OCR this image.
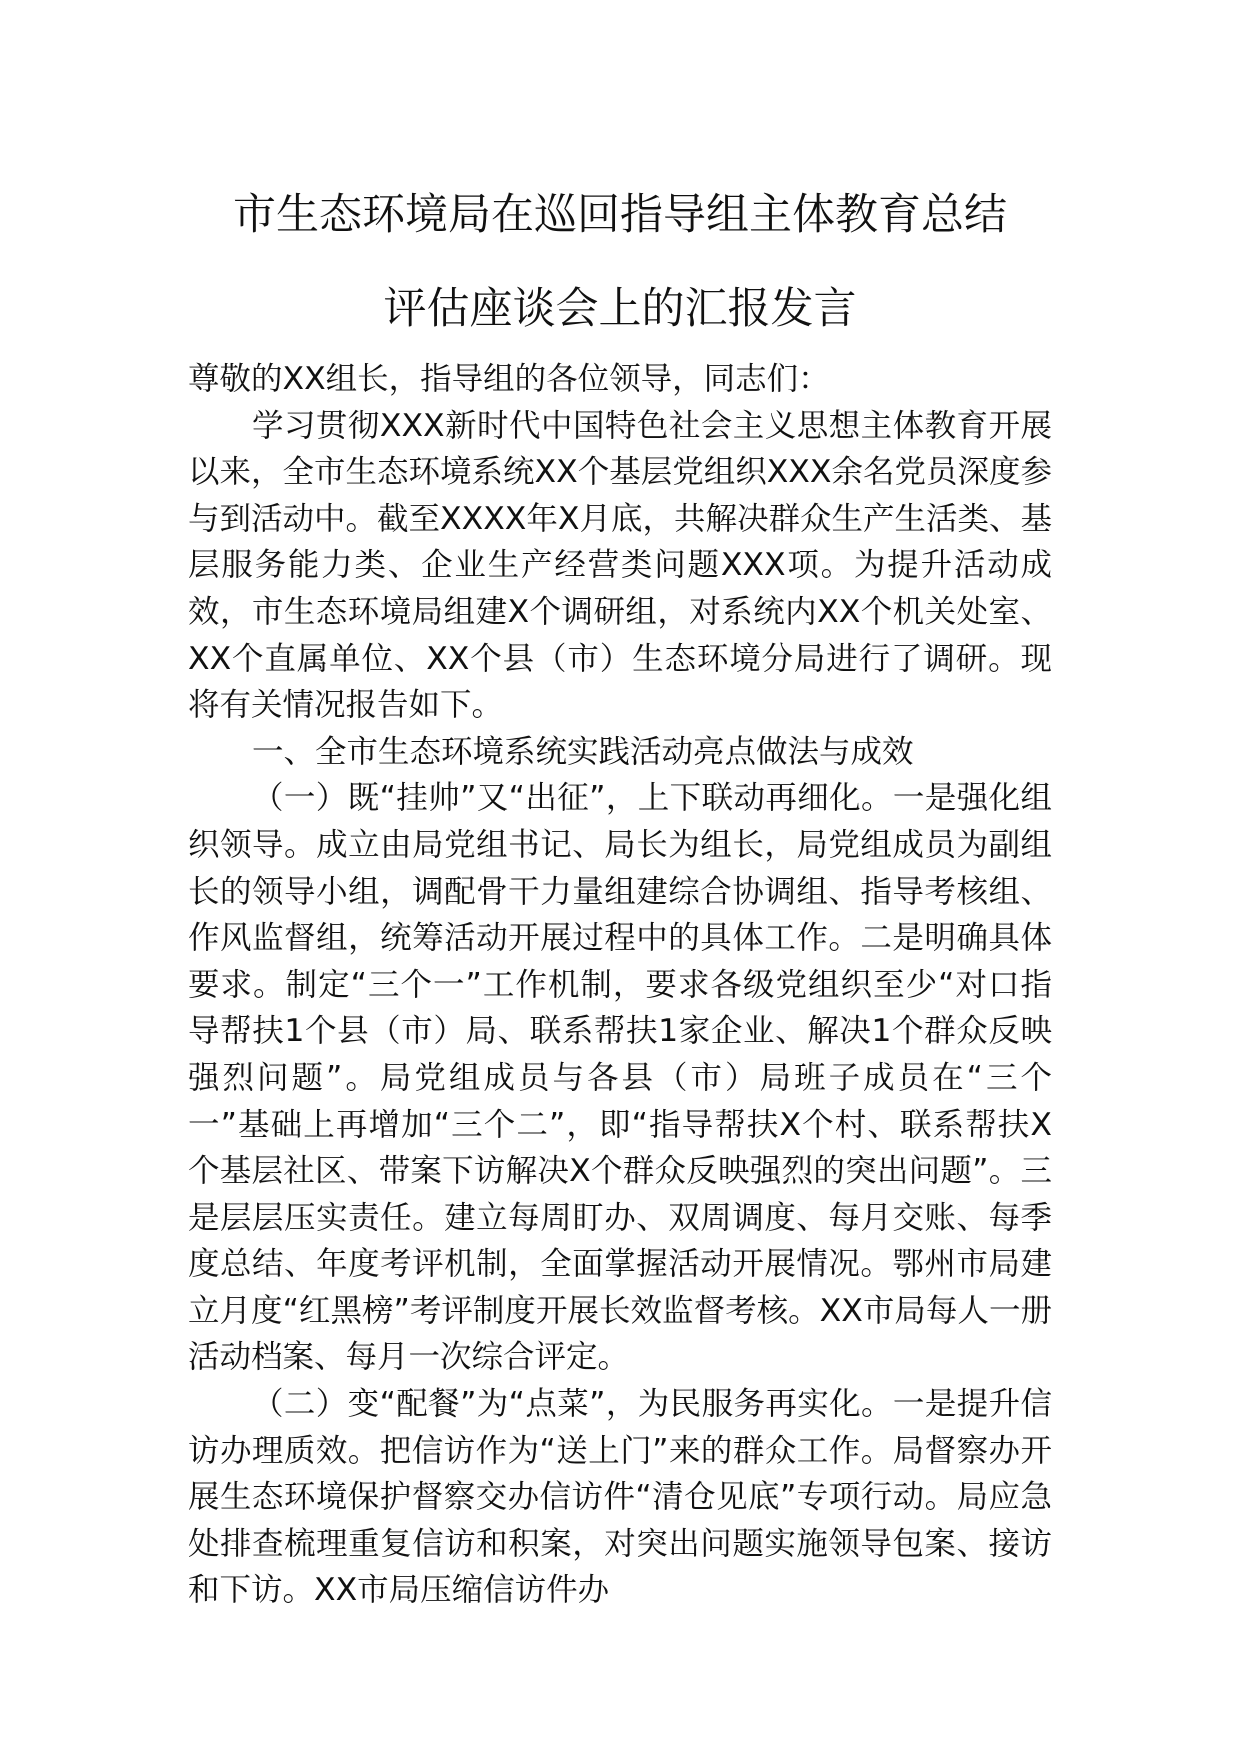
市生态环境局在巡回指导组主体教育总结
评估座谈会上的汇报发言

尊敬的XX组长，指导组的各位领导，同志们：

学习贯彻XXX新时代中国特色社会主义思想主体教育开展以来，全市生态环境系统XX个基层党组织XXX余名党员深度参与到活动中。截至XXXX年X月底，共解决群众生产生活类、基层服务能力类、企业生产经营类问题XXX项。为提升活动成效，市生态环境局组建X个调研组，对系统内XX个机关处室、XX个直属单位、XX个县（市）生态环境分局进行了调研。现将有关情况报告如下。

一、全市生态环境系统实践活动亮点做法与成效

（一）既“挂帅”又“出征”，上下联动再细化。一是强化组织领导。成立由局党组书记、局长为组长，局党组成员为副组长的领导小组，调配骨干力量组建综合协调组、指导考核组、作风监督组，统筹活动开展过程中的具体工作。二是明确具体要求。制定“三个一”工作机制，要求各级党组织至少“对口指导帮扶1个县（市）局、联系帮扶1家企业、解决1个群众反映强烈问题”。局党组成员与各县（市）局班子成员在“三个一”基础上再增加“三个二”，即“指导帮扶X个村、联系帮扶X个基层社区、带案下访解决X个群众反映强烈的突出问题”。三是层层压实责任。建立每周盯办、双周调度、每月交账、每季度总结、年度考评机制，全面掌握活动开展情况。鄂州市局建立月度“红黑榜”考评制度开展长效监督考核。XX市局每人一册活动档案、每月一次综合评定。

（二）变“配餐”为“点菜”，为民服务再实化。一是提升信访办理质效。把信访作为“送上门”来的群众工作。局督察办开展生态环境保护督察交办信访件“清仓见底”专项行动。局应急处排查梳理重复信访和积案，对突出问题实施领导包案、接访和下访。XX市局压缩信访件办
